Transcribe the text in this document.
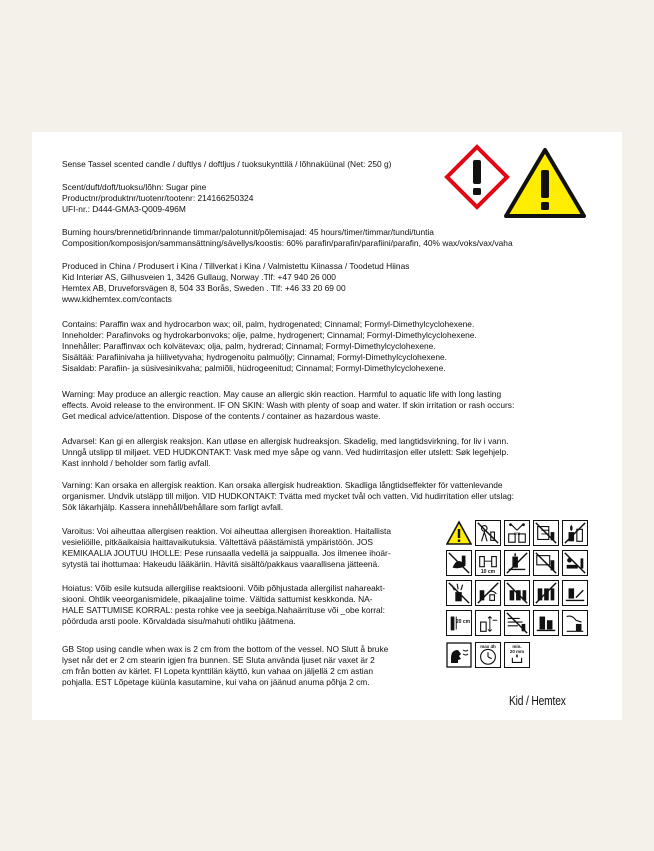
Sense Tassel scented candle / duftlys / doftljus / tuoksukynttilä / lõhnaküünal (Net: 250 g)
Scent/duft/doft/tuoksu/lõhn: Sugar pine
Productnr/produktnr/tuotenr/tootenr: 214166250324
UFI-nr.: D444-GMA3-Q009-496M
Burning hours/brennetid/brinnande timmar/palotunnit/põlemisajad: 45 hours/timer/timmar/tundi/tuntia
Composition/komposisjon/sammansättning/sävellys/koostis: 60% parafin/parafin/parafiini/parafin, 40% wax/voks/vax/vaha
Produced in China / Produsert i Kina / Tillverkat i Kina / Valmistettu Kiinassa / Toodetud Hiinas
Kid Interiør AS, Gilhusveien 1, 3426 Gullaug, Norway .Tlf: +47 940 26 000
Hemtex AB, Druveforsvägen 8, 504 33 Borås, Sweden . Tlf: +46 33 20 69 00
www.kidhemtex.com/contacts
Contains: Paraffin wax and hydrocarbon wax; oil, palm, hydrogenated; Cinnamal; Formyl-Dimethylcyclohexene.
Inneholder: Parafinvoks og hydrokarbonvoks; olje, palme, hydrogenert; Cinnamal; Formyl-Dimethylcyclohexene.
Innehåller: Paraffinvax och kolvätevax; olja, palm, hydrerad; Cinnamal; Formyl-Dimethylcyclohexene.
Sisältää: Parafiinivaha ja hiilivetyvaha; hydrogenoitu palmuöljy; Cinnamal; Formyl-Dimethylcyclohexene.
Sisaldab: Parafiin- ja süsivesinikvaha; palmiõli, hüdrogeenitud; Cinnamal; Formyl-Dimethylcyclohexene.
Warning: May produce an allergic reaction. May cause an allergic skin reaction. Harmful to aquatic life with long lasting
effects. Avoid release to the environment. IF ON SKIN: Wash with plenty of soap and water. If skin irritation or rash occurs:
Get medical advice/attention. Dispose of the contents / container as hazardous waste.
Advarsel: Kan gi en allergisk reaksjon. Kan utløse en allergisk hudreaksjon. Skadelig, med langtidsvirkning, for liv i vann.
Unngå utslipp til miljøet. VED HUDKONTAKT: Vask med mye såpe og vann. Ved hudirritasjon eller utslett: Søk legehjelp.
Kast innhold / beholder som farlig avfall.
Varning: Kan orsaka en allergisk reaktion. Kan orsaka allergisk hudreaktion. Skadliga långtidseffekter för vattenlevande
organismer. Undvik utsläpp till miljon. VID HUDKONTAKT: Tvätta med mycket tvål och vatten. Vid hudirritation eller utslag:
Sök läkarhjälp. Kassera innehåll/behållare som farligt avfall.
Varoitus: Voi aiheuttaa allergisen reaktion. Voi aiheuttaa allergisen ihoreaktion. Haitallista
vesieliöille, pitkäaikaisia haittavaikutuksia. Vältettävä päästämistä ympäristöön. JOS
KEMIKAALIA JOUTUU IHOLLE: Pese runsaalla vedellä ja saippualla. Jos ilmenee ihoär-
sytystä tai ihottumaa: Hakeudu lääkäriin. Hävitä sisältö/pakkaus vaarallisena jätteenä.
Hoiatus: Võib esile kutsuda allergilise reaktsiooni. Võib põhjustada allergilist nahareakt-
siooni. Ohtlik veeorganismidele, pikaajaline toime. Vältida sattumist keskkonda. NA-
HALE SATTUMISE KORRAL: pesta rohke vee ja seebiga.Nahaärrituse või _obe korral:
pöörduda arsti poole. Kõrvaldada sisu/mahuti ohtliku jäätmena.
GB Stop using candle when wax is 2 cm from the bottom of the vessel. NO Slutt å bruke
lyset når det er 2 cm stearin igjen fra bunnen. SE Sluta använda ljuset när vaxet är 2
cm från botten av kärlet. FI Lopeta kynttilän käyttö, kun vahaa on jäljellä 2 cm astian
pohjalla. EST Lõpetage küünla kasutamine, kui vaha on jäänud anuma põhja 2 cm.
cm
10 cm
20 cm
max 4h	min.
20 mm
Kid / Hemtex
